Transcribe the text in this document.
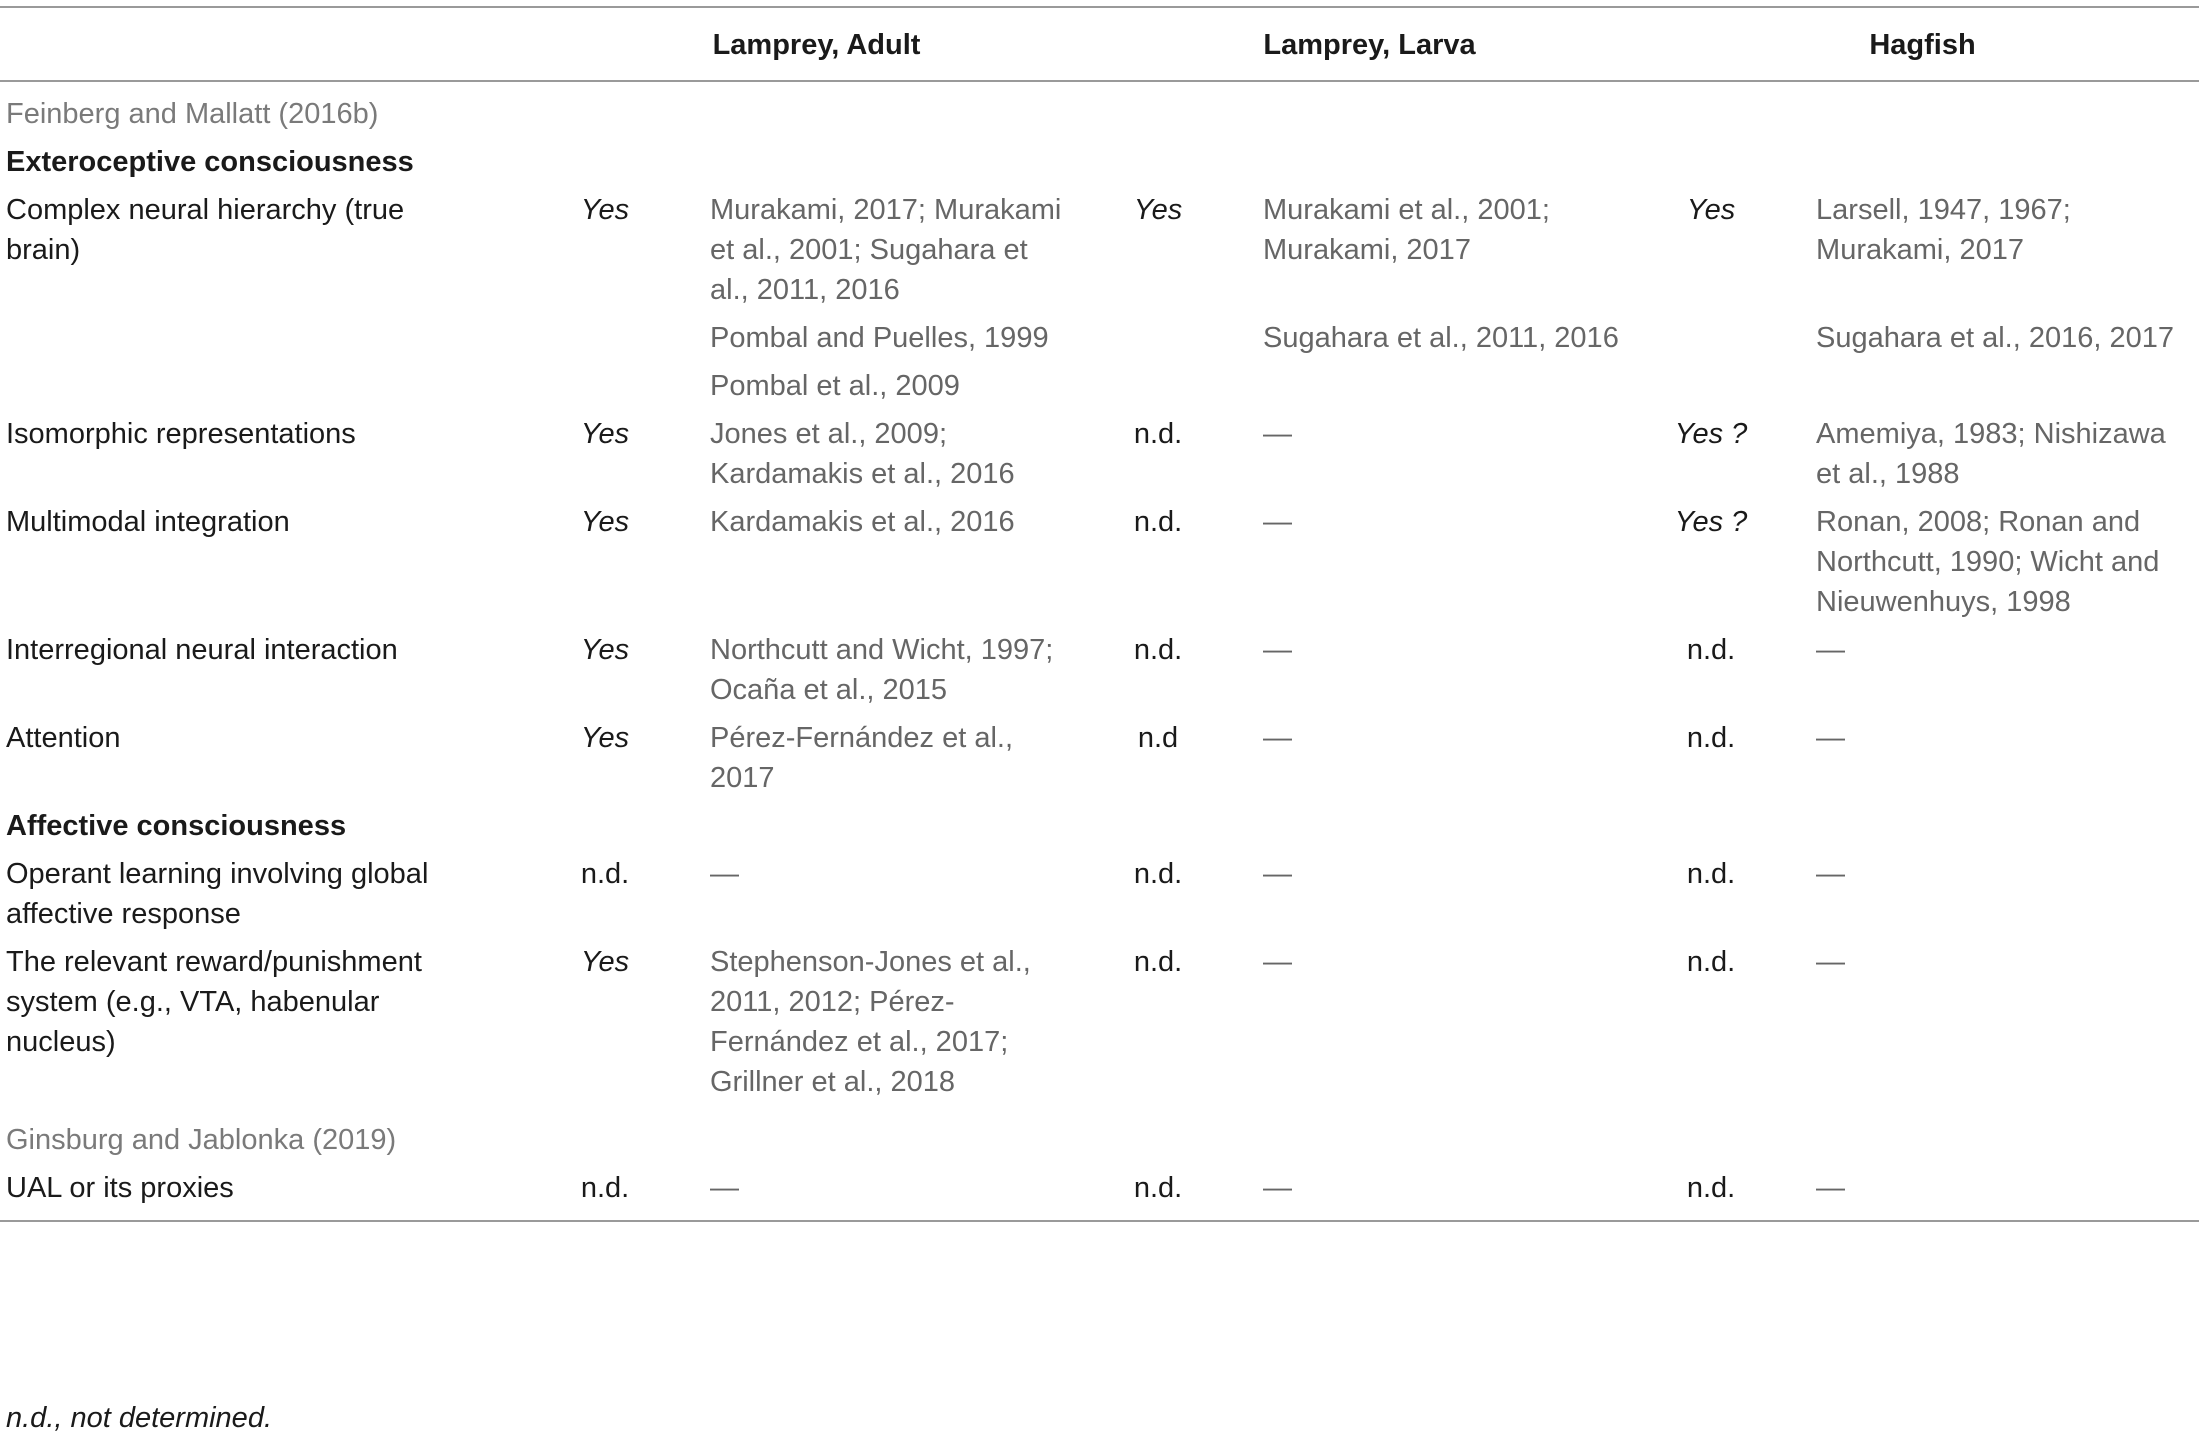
	Lamprey, Adult		Lamprey, Larva		Hagfish	
Feinberg and Mallatt (2016b)						
Exteroceptive consciousness						
Complex neural hierarchy (true brain)	Yes	Murakami, 2017; Murakami et al., 2001; Sugahara et al., 2011, 2016	Yes	Murakami et al., 2001; Murakami, 2017	Yes	Larsell, 1947, 1967; Murakami, 2017
		Pombal and Puelles, 1999		Sugahara et al., 2011, 2016		Sugahara et al., 2016, 2017
		Pombal et al., 2009				
Isomorphic representations	Yes	Jones et al., 2009; Kardamakis et al., 2016	n.d.	—	Yes ?	Amemiya, 1983; Nishizawa et al., 1988
Multimodal integration	Yes	Kardamakis et al., 2016	n.d.	—	Yes ?	Ronan, 2008; Ronan and Northcutt, 1990; Wicht and Nieuwenhuys, 1998
Interregional neural interaction	Yes	Northcutt and Wicht, 1997; Ocaña et al., 2015	n.d.	—	n.d.	—
Attention	Yes	Pérez-Fernández et al., 2017	n.d	—	n.d.	—
Affective consciousness						
Operant learning involving global affective response	n.d.	—	n.d.	—	n.d.	—
The relevant reward/punishment system (e.g., VTA, habenular nucleus)	Yes	Stephenson-Jones et al., 2011, 2012; Pérez-Fernández et al., 2017; Grillner et al., 2018	n.d.	—	n.d.	—
Ginsburg and Jablonka (2019)						
UAL or its proxies	n.d.	—	n.d.	—	n.d.	—
n.d., not determined.
